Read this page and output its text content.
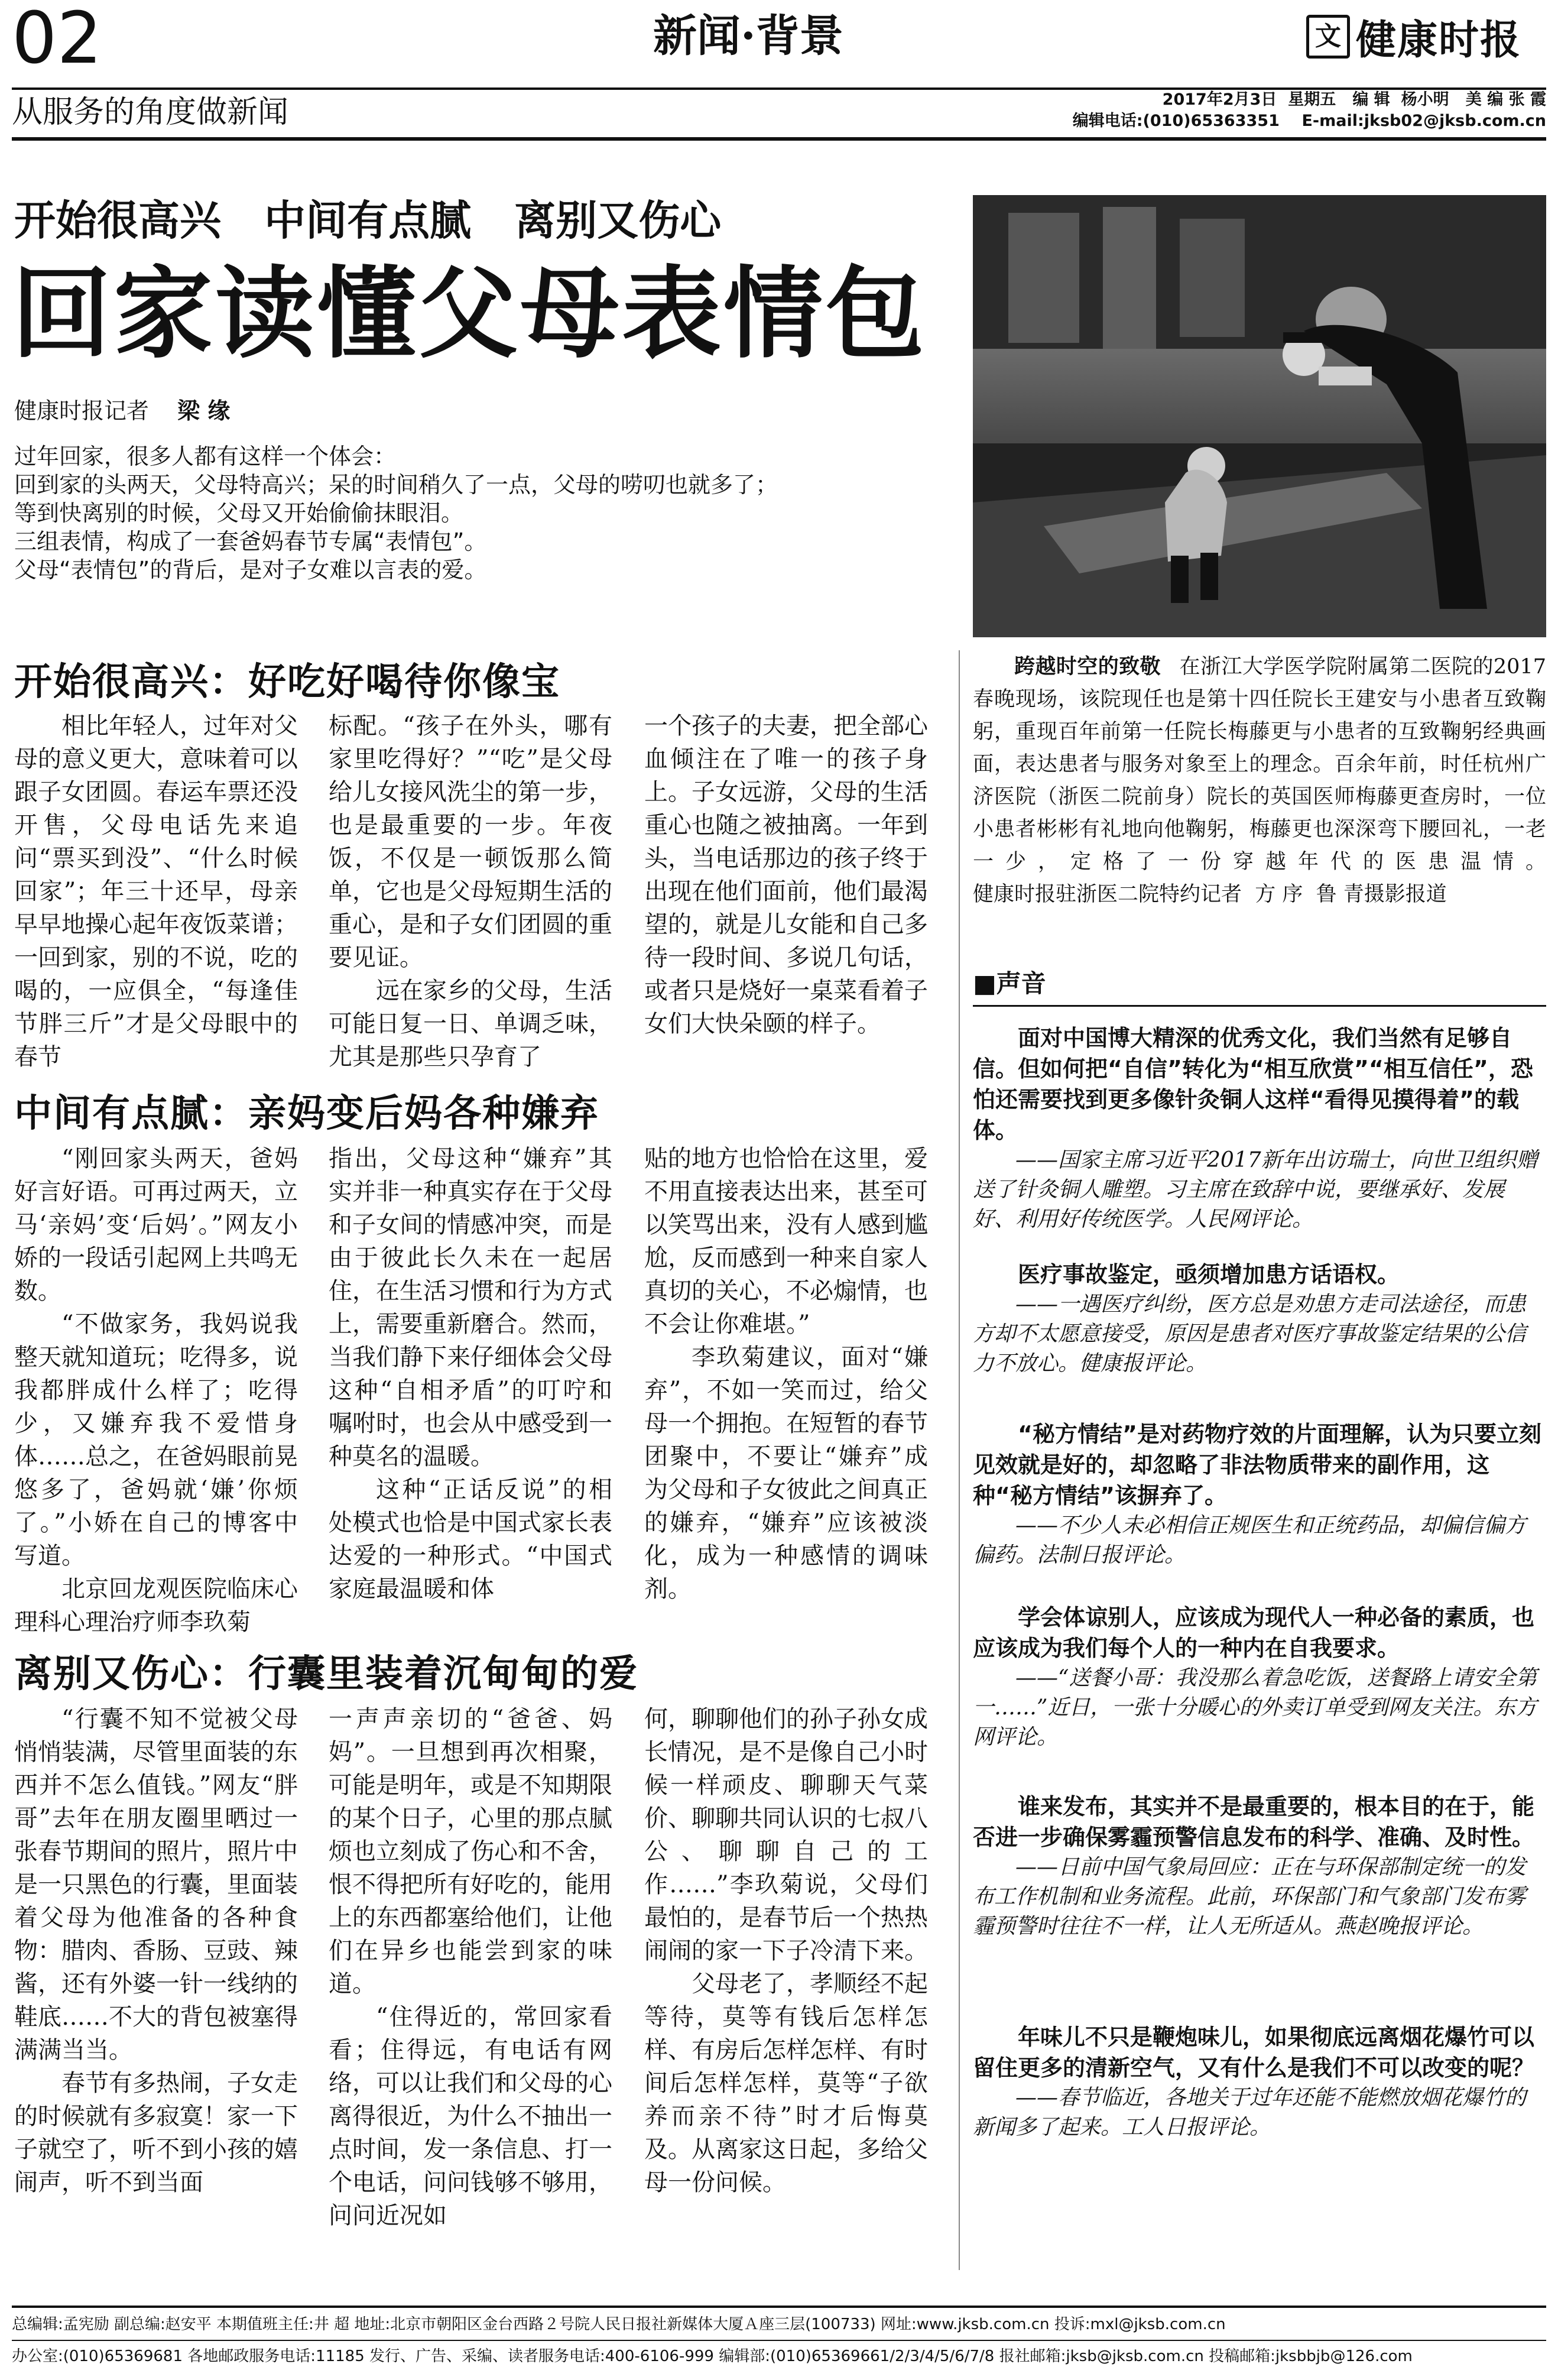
02	新闻·背景	文 健康时报
从服务的角度做新闻	2017年2月3日  星期五   编 辑  杨小明   美 编 张 霞
编辑电话:(010)65363351    E-mail:jksb02@jksb.com.cn
开始很高兴   中间有点腻   离别又伤心
回家读懂父母表情包
健康时报记者 梁 缘
过年回家，很多人都有这样一个体会：
回到家的头两天，父母特高兴；呆的时间稍久了一点，父母的唠叨也就多了；
等到快离别的时候，父母又开始偷偷抹眼泪。
三组表情，构成了一套爸妈春节专属“表情包”。
父母“表情包”的背后，是对子女难以言表的爱。
跨越时空的致敬 在浙江大学医学院附属第二医院的2017春晚现场，该院现任也是第十四任院长王建安与小患者互致鞠躬，重现百年前第一任院长梅藤更与小患者的互致鞠躬经典画面，表达患者与服务对象至上的理念。百余年前，时任杭州广济医院（浙医二院前身）院长的英国医师梅藤更查房时，一位小患者彬彬有礼地向他鞠躬，梅藤更也深深弯下腰回礼，一老一少，定格了一份穿越年代的医患温情。 健康时报驻浙医二院特约记者  方 序  鲁 青摄影报道
开始很高兴：好吃好喝待你像宝

相比年轻人，过年对父母的意义更大，意味着可以跟子女团圆。春运车票还没开售，父母电话先来追问“票买到没”、“什么时候回家”；年三十还早，母亲早早地操心起年夜饭菜谱；一回到家，别的不说，吃的喝的，一应俱全，“每逢佳节胖三斤”才是父母眼中的春节

标配。“孩子在外头，哪有家里吃得好？”“吃”是父母给儿女接风洗尘的第一步，也是最重要的一步。年夜饭，不仅是一顿饭那么简单，它也是父母短期生活的重心，是和子女们团圆的重要见证。

远在家乡的父母，生活可能日复一日、单调乏味，尤其是那些只孕育了

一个孩子的夫妻，把全部心血倾注在了唯一的孩子身上。子女远游，父母的生活重心也随之被抽离。一年到头，当电话那边的孩子终于出现在他们面前，他们最渴望的，就是儿女能和自己多待一段时间、多说几句话，或者只是烧好一桌菜看着子女们大快朵颐的样子。

中间有点腻：亲妈变后妈各种嫌弃

“刚回家头两天，爸妈好言好语。可再过两天，立马‘亲妈’变‘后妈’。”网友小娇的一段话引起网上共鸣无数。

“不做家务，我妈说我整天就知道玩；吃得多，说我都胖成什么样了；吃得少，又嫌弃我不爱惜身体……总之，在爸妈眼前晃悠多了，爸妈就‘嫌’你烦了。”小娇在自己的博客中写道。

北京回龙观医院临床心理科心理治疗师李玖菊

指出，父母这种“嫌弃”其实并非一种真实存在于父母和子女间的情感冲突，而是由于彼此长久未在一起居住，在生活习惯和行为方式上，需要重新磨合。然而，当我们静下来仔细体会父母这种“自相矛盾”的叮咛和嘱咐时，也会从中感受到一种莫名的温暖。

这种“正话反说”的相处模式也恰是中国式家长表达爱的一种形式。“中国式家庭最温暖和体

贴的地方也恰恰在这里，爱不用直接表达出来，甚至可以笑骂出来，没有人感到尴尬，反而感到一种来自家人真切的关心，不必煽情，也不会让你难堪。”

李玖菊建议，面对“嫌弃”，不如一笑而过，给父母一个拥抱。在短暂的春节团聚中，不要让“嫌弃”成为父母和子女彼此之间真正的嫌弃，“嫌弃”应该被淡化，成为一种感情的调味剂。

离别又伤心：行囊里装着沉甸甸的爱

“行囊不知不觉被父母悄悄装满，尽管里面装的东西并不怎么值钱。”网友“胖哥”去年在朋友圈里晒过一张春节期间的照片，照片中是一只黑色的行囊，里面装着父母为他准备的各种食物：腊肉、香肠、豆豉、辣酱，还有外婆一针一线纳的鞋底……不大的背包被塞得满满当当。

春节有多热闹，子女走的时候就有多寂寞！家一下子就空了，听不到小孩的嬉闹声，听不到当面

一声声亲切的“爸爸、妈妈”。一旦想到再次相聚，可能是明年，或是不知期限的某个日子，心里的那点腻烦也立刻成了伤心和不舍，恨不得把所有好吃的，能用上的东西都塞给他们，让他们在异乡也能尝到家的味道。

“住得近的，常回家看看；住得远，有电话有网络，可以让我们和父母的心离得很近，为什么不抽出一点时间，发一条信息、打一个电话，问问钱够不够用，问问近况如

何，聊聊他们的孙子孙女成长情况，是不是像自己小时候一样顽皮、聊聊天气菜价、聊聊共同认识的七叔八公、聊聊自己的工作……”李玖菊说，父母们最怕的，是春节后一个热热闹闹的家一下子冷清下来。

父母老了，孝顺经不起等待，莫等有钱后怎样怎样、有房后怎样怎样、有时间后怎样怎样，莫等“子欲养而亲不待”时才后悔莫及。从离家这日起，多给父母一份问候。

■声音

面对中国博大精深的优秀文化，我们当然有足够自信。但如何把“自信”转化为“相互欣赏”“相互信任”，恐怕还需要找到更多像针灸铜人这样“看得见摸得着”的载体。

——国家主席习近平2017新年出访瑞士，向世卫组织赠送了针灸铜人雕塑。习主席在致辞中说，要继承好、发展好、利用好传统医学。人民网评论。

医疗事故鉴定，亟须增加患方话语权。

——一遇医疗纠纷，医方总是劝患方走司法途径，而患方却不太愿意接受，原因是患者对医疗事故鉴定结果的公信力不放心。健康报评论。

“秘方情结”是对药物疗效的片面理解，认为只要立刻见效就是好的，却忽略了非法物质带来的副作用，这种“秘方情结”该摒弃了。

——不少人未必相信正规医生和正统药品，却偏信偏方偏药。法制日报评论。

学会体谅别人，应该成为现代人一种必备的素质，也应该成为我们每个人的一种内在自我要求。

——“送餐小哥：我没那么着急吃饭，送餐路上请安全第一……”近日，一张十分暖心的外卖订单受到网友关注。东方网评论。

谁来发布，其实并不是最重要的，根本目的在于，能否进一步确保雾霾预警信息发布的科学、准确、及时性。

——日前中国气象局回应：正在与环保部制定统一的发布工作机制和业务流程。此前，环保部门和气象部门发布雾霾预警时往往不一样，让人无所适从。燕赵晚报评论。

年味儿不只是鞭炮味儿，如果彻底远离烟花爆竹可以留住更多的清新空气，又有什么是我们不可以改变的呢？

——春节临近，各地关于过年还能不能燃放烟花爆竹的新闻多了起来。工人日报评论。

总编辑:孟宪励 副总编:赵安平 本期值班主任:井 超 地址:北京市朝阳区金台西路２号院人民日报社新媒体大厦Ａ座三层(100733) 网址:www.jksb.com.cn 投诉:mxl@jksb.com.cn
办公室:(010)65369681 各地邮政服务电话:11185 发行、广告、采编、读者服务电话:400-6106-999 编辑部:(010)65369661/2/3/4/5/6/7/8 报社邮箱:jksb@jksb.com.cn 投稿邮箱:jksbbjb@126.com
